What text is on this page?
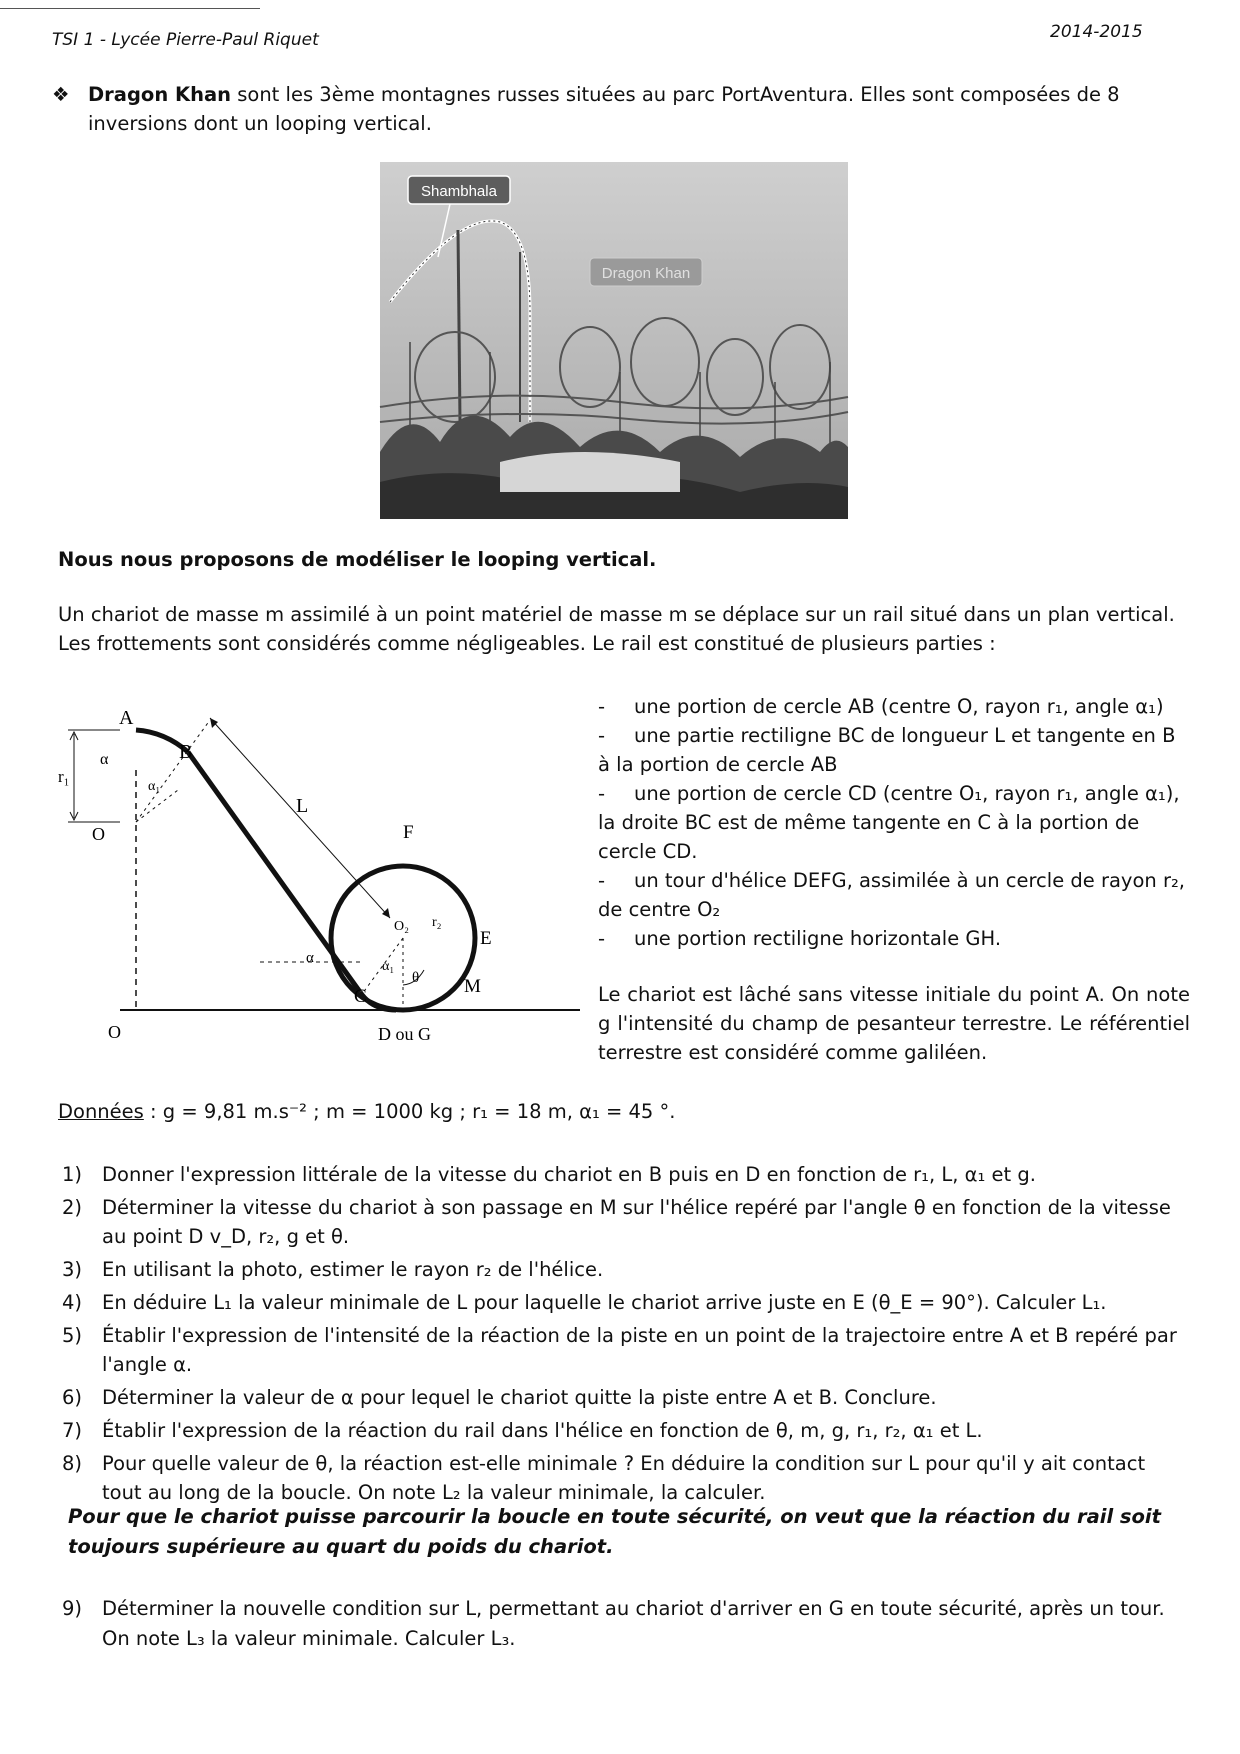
TSI 1 - Lycée Pierre-Paul Riquet	2014-2015
❖ Dragon Khan sont les 3ème montagnes russes situées au parc PortAventura. Elles sont composées de 8
inversions dont un looping vertical.
Shambhala
Dragon Khan
Nous nous proposons de modéliser le looping vertical.
Un chariot de masse m assimilé à un point matériel de masse m se déplace sur un rail situé dans un plan vertical. Les frottements sont considérés comme négligeables. Le rail est constitué de plusieurs parties :
r₁
A
B
α
α₁
O
L
F
E
M
α
C
α₁
θ
O₂ r₂
O	D ou G

- une portion de cercle AB (centre O, rayon r₁, angle α₁)

- une partie rectiligne BC de longueur L et tangente en B à la portion de cercle AB

- une portion de cercle CD (centre O₁, rayon r₁, angle α₁), la droite BC est de même tangente en C à la portion de cercle CD.

- un tour d'hélice DEFG, assimilée à un cercle de rayon r₂, de centre O₂

- une portion rectiligne horizontale GH.

Le chariot est lâché sans vitesse initiale du point A. On note g l'intensité du champ de pesanteur terrestre. Le référentiel terrestre est considéré comme galiléen.
Données : g = 9,81 m.s⁻² ; m = 1000 kg ; r₁ = 18 m, α₁ = 45 °.
1) Donner l'expression littérale de la vitesse du chariot en B puis en D en fonction de r₁, L, α₁ et g.
2) Déterminer la vitesse du chariot à son passage en M sur l'hélice repéré par l'angle θ en fonction de la vitesse au point D v_D, r₂, g et θ.
3) En utilisant la photo, estimer le rayon r₂ de l'hélice.
4) En déduire L₁ la valeur minimale de L pour laquelle le chariot arrive juste en E (θ_E = 90°). Calculer L₁.
5) Établir l'expression de l'intensité de la réaction de la piste en un point de la trajectoire entre A et B repéré par l'angle α.
6) Déterminer la valeur de α pour lequel le chariot quitte la piste entre A et B. Conclure.
7) Établir l'expression de la réaction du rail dans l'hélice en fonction de θ, m, g, r₁, r₂, α₁ et L.
8) Pour quelle valeur de θ, la réaction est-elle minimale ? En déduire la condition sur L pour qu'il y ait contact tout au long de la boucle. On note L₂ la valeur minimale, la calculer.
Pour que le chariot puisse parcourir la boucle en toute sécurité, on veut que la réaction du rail soit toujours supérieure au quart du poids du chariot.
9) Déterminer la nouvelle condition sur L, permettant au chariot d'arriver en G en toute sécurité, après un tour. On note L₃ la valeur minimale. Calculer L₃.
